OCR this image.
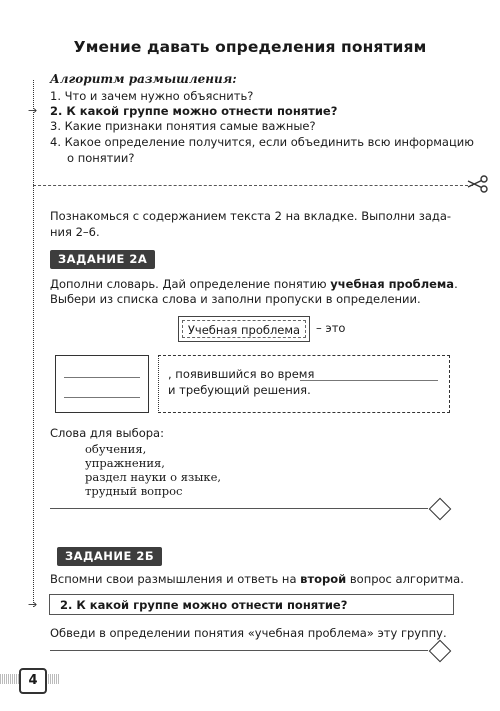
Умение давать определения понятиям
Алгоритм размышления:
1. Что и зачем нужно объяснить?
→ 2. К какой группе можно отнести понятие?
3. Какие признаки понятия самые важные?
4. Какое определение получится, если объединить всю информацию
о понятии?
Познакомься с содержанием текста 2 на вкладке. Выполни зада-
ния 2–6.
ЗАДАНИЕ 2А
Дополни словарь. Дай определение понятию учебная проблема.
Выбери из списка слова и заполни пропуски в определении.
Учебная проблема	– это
, появившийся во время
и требующий решения.
Слова для выбора:
обучения,
упражнения,
раздел науки о языке,
трудный вопрос
ЗАДАНИЕ 2Б
Вспомни свои размышления и ответь на второй вопрос алгоритма.
→	2. К какой группе можно отнести понятие?
Обведи в определении понятия «учебная проблема» эту группу.
4
